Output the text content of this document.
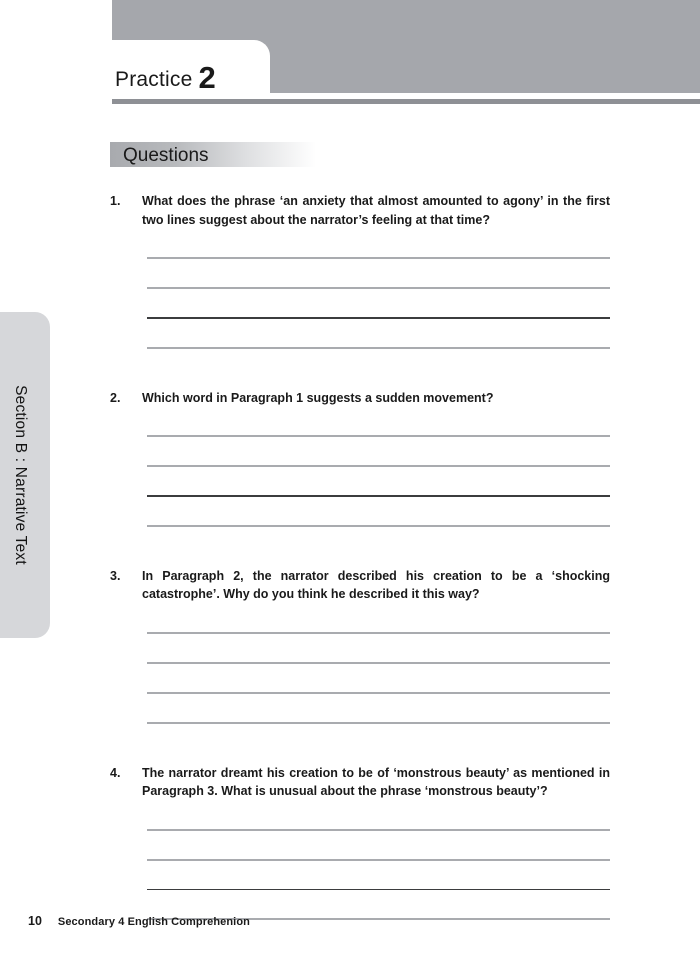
Practice 2
Section B : Narrative Text
Questions
1.	What does the phrase ‘an anxiety that almost amounted to agony’ in the first two lines suggest about the narrator’s feeling at that time?
2.	Which word in Paragraph 1 suggests a sudden movement?
3.	In Paragraph 2, the narrator described his creation to be a ‘shocking catastrophe’. Why do you think he described it this way?
4.	The narrator dreamt his creation to be of ‘monstrous beauty’ as mentioned in Paragraph 3. What is unusual about the phrase ‘monstrous beauty’?
10 Secondary 4 English Comprehenion
